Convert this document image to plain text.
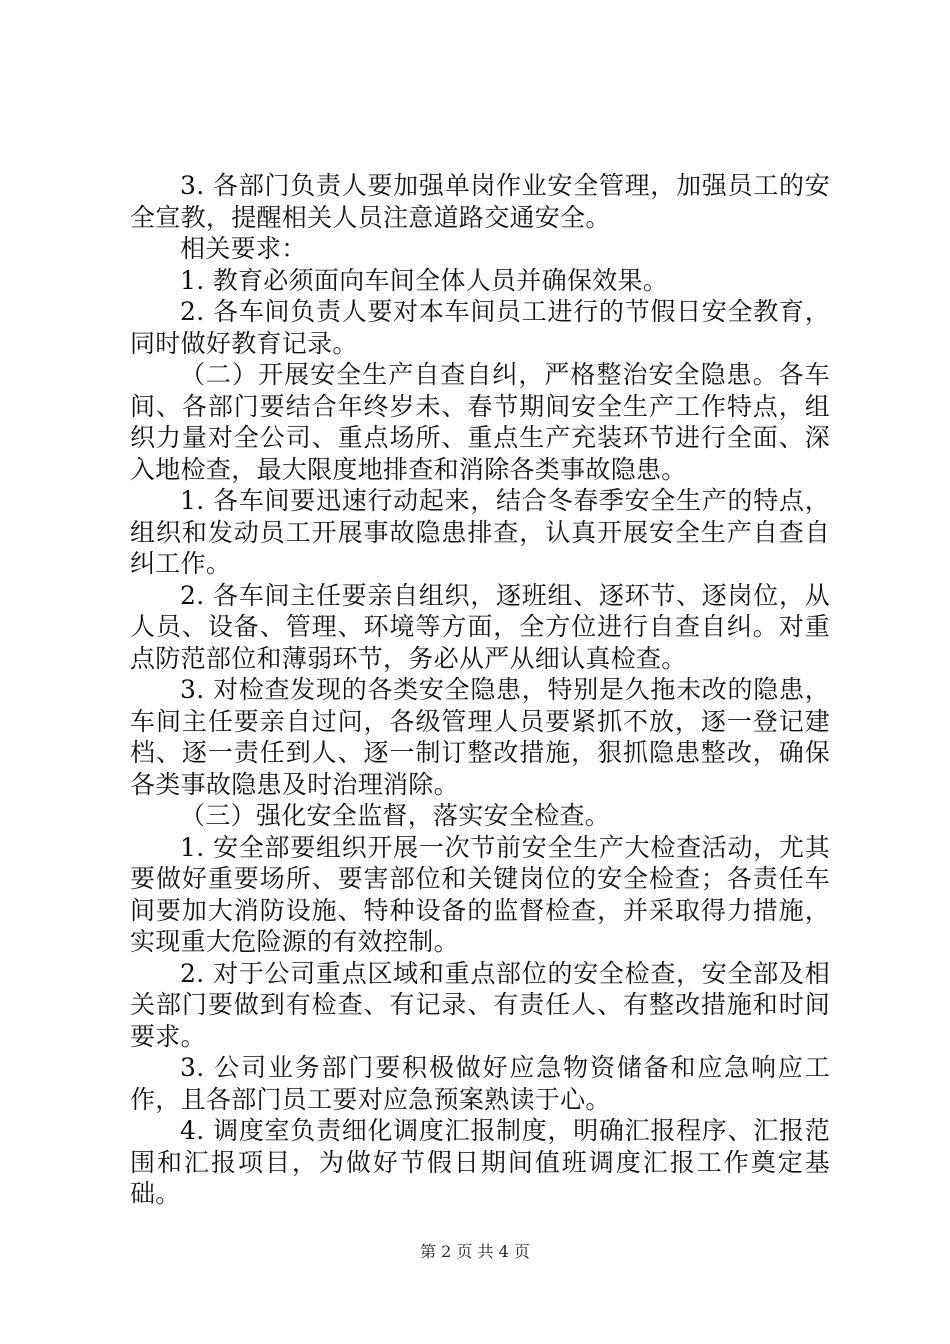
3. 各部门负责人要加强单岗作业安全管理，加强员工的安全宣教，提醒相关人员注意道路交通安全。

相关要求：

1. 教育必须面向车间全体人员并确保效果。

2. 各车间负责人要对本车间员工进行的节假日安全教育，同时做好教育记录。

（二）开展安全生产自查自纠，严格整治安全隐患。各车间、各部门要结合年终岁未、春节期间安全生产工作特点，组织力量对全公司、重点场所、重点生产充装环节进行全面、深入地检查，最大限度地排查和消除各类事故隐患。

1. 各车间要迅速行动起来，结合冬春季安全生产的特点，组织和发动员工开展事故隐患排查，认真开展安全生产自查自纠工作。

2. 各车间主任要亲自组织，逐班组、逐环节、逐岗位，从人员、设备、管理、环境等方面，全方位进行自查自纠。对重点防范部位和薄弱环节，务必从严从细认真检查。

3. 对检查发现的各类安全隐患，特别是久拖未改的隐患，车间主任要亲自过问，各级管理人员要紧抓不放，逐一登记建档、逐一责任到人、逐一制订整改措施，狠抓隐患整改，确保各类事故隐患及时治理消除。

（三）强化安全监督，落实安全检查。

1. 安全部要组织开展一次节前安全生产大检查活动，尤其要做好重要场所、要害部位和关键岗位的安全检查；各责任车间要加大消防设施、特种设备的监督检查，并采取得力措施，实现重大危险源的有效控制。

2. 对于公司重点区域和重点部位的安全检查，安全部及相关部门要做到有检查、有记录、有责任人、有整改措施和时间要求。

3. 公司业务部门要积极做好应急物资储备和应急响应工作，且各部门员工要对应急预案熟读于心。

4. 调度室负责细化调度汇报制度，明确汇报程序、汇报范围和汇报项目，为做好节假日期间值班调度汇报工作奠定基础。

第 2 页 共 4 页
